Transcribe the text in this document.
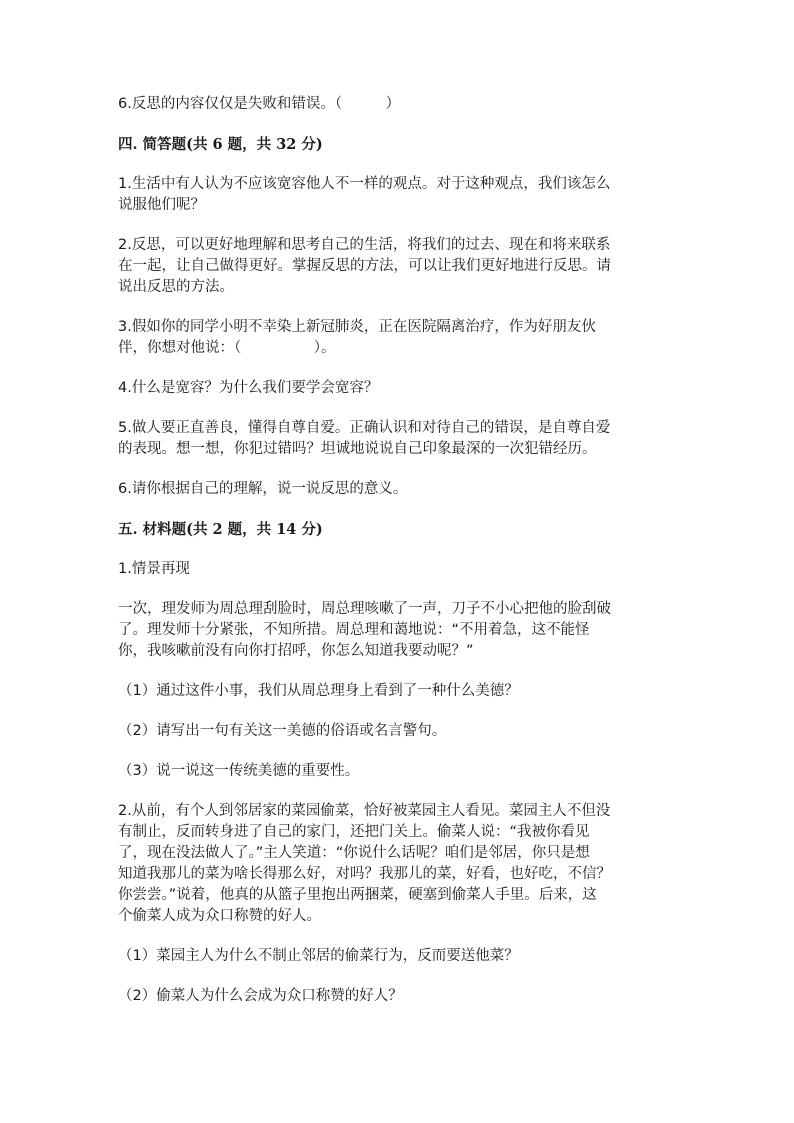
6.反思的内容仅仅是失败和错误。（　　　）

四. 简答题(共 6 题，共 32 分)

1.生活中有人认为不应该宽容他人不一样的观点。对于这种观点，我们该怎么

说服他们呢？

2.反思，可以更好地理解和思考自己的生活，将我们的过去、现在和将来联系

在一起，让自己做得更好。掌握反思的方法，可以让我们更好地进行反思。请

说出反思的方法。

3.假如你的同学小明不幸染上新冠肺炎，正在医院隔离治疗，作为好朋友伙

伴，你想对他说：（　　　　　）。

4.什么是宽容？为什么我们要学会宽容？

5.做人要正直善良，懂得自尊自爱。正确认识和对待自己的错误，是自尊自爱

的表现。想一想，你犯过错吗？坦诚地说说自己印象最深的一次犯错经历。

6.请你根据自己的理解，说一说反思的意义。

五. 材料题(共 2 题，共 14 分)

1.情景再现

一次，理发师为周总理刮脸时，周总理咳嗽了一声，刀子不小心把他的脸刮破

了。理发师十分紧张，不知所措。周总理和蔼地说：“不用着急，这不能怪

你，我咳嗽前没有向你打招呼，你怎么知道我要动呢？”

（1）通过这件小事，我们从周总理身上看到了一种什么美德？

（2）请写出一句有关这一美德的俗语或名言警句。

（3）说一说这一传统美德的重要性。

2.从前，有个人到邻居家的菜园偷菜，恰好被菜园主人看见。菜园主人不但没

有制止，反而转身进了自己的家门，还把门关上。偷菜人说：“我被你看见

了，现在没法做人了。”主人笑道：“你说什么话呢？咱们是邻居，你只是想

知道我那儿的菜为啥长得那么好，对吗？我那儿的菜，好看，也好吃，不信？

你尝尝。”说着，他真的从篮子里抱出两捆菜，硬塞到偷菜人手里。后来，这

个偷菜人成为众口称赞的好人。

（1）菜园主人为什么不制止邻居的偷菜行为，反而要送他菜？

（2）偷菜人为什么会成为众口称赞的好人？
